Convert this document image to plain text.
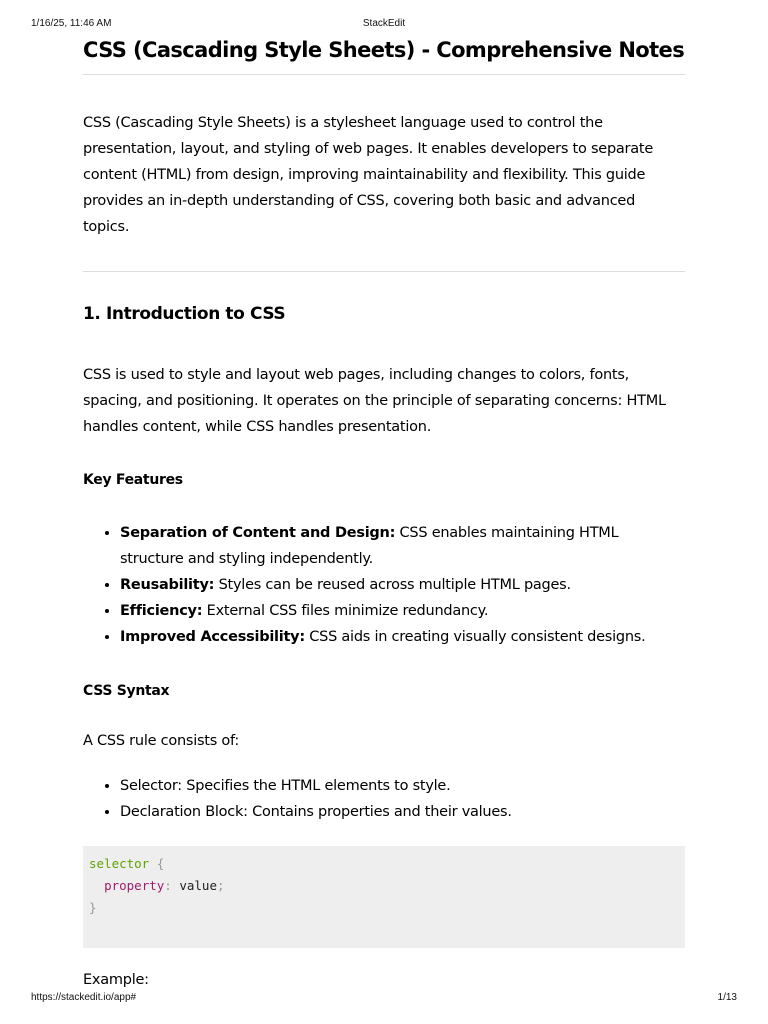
1/16/25, 11:46 AM	StackEdit
CSS (Cascading Style Sheets) - Comprehensive Notes

CSS (Cascading Style Sheets) is a stylesheet language used to control the presentation, layout, and styling of web pages. It enables developers to separate content (HTML) from design, improving maintainability and flexibility. This guide provides an in-depth understanding of CSS, covering both basic and advanced topics.

1. Introduction to CSS

CSS is used to style and layout web pages, including changes to colors, fonts, spacing, and positioning. It operates on the principle of separating concerns: HTML handles content, while CSS handles presentation.

Key Features
• Separation of Content and Design: CSS enables maintaining HTML structure and styling independently.
• Reusability: Styles can be reused across multiple HTML pages.
• Efficiency: External CSS files minimize redundancy.
• Improved Accessibility: CSS aids in creating visually consistent designs.
CSS Syntax

A CSS rule consists of:

• Selector: Specifies the HTML elements to style.
• Declaration Block: Contains properties and their values.
selector {
property: value;
}

Example:

https://stackedit.io/app#	1/13
